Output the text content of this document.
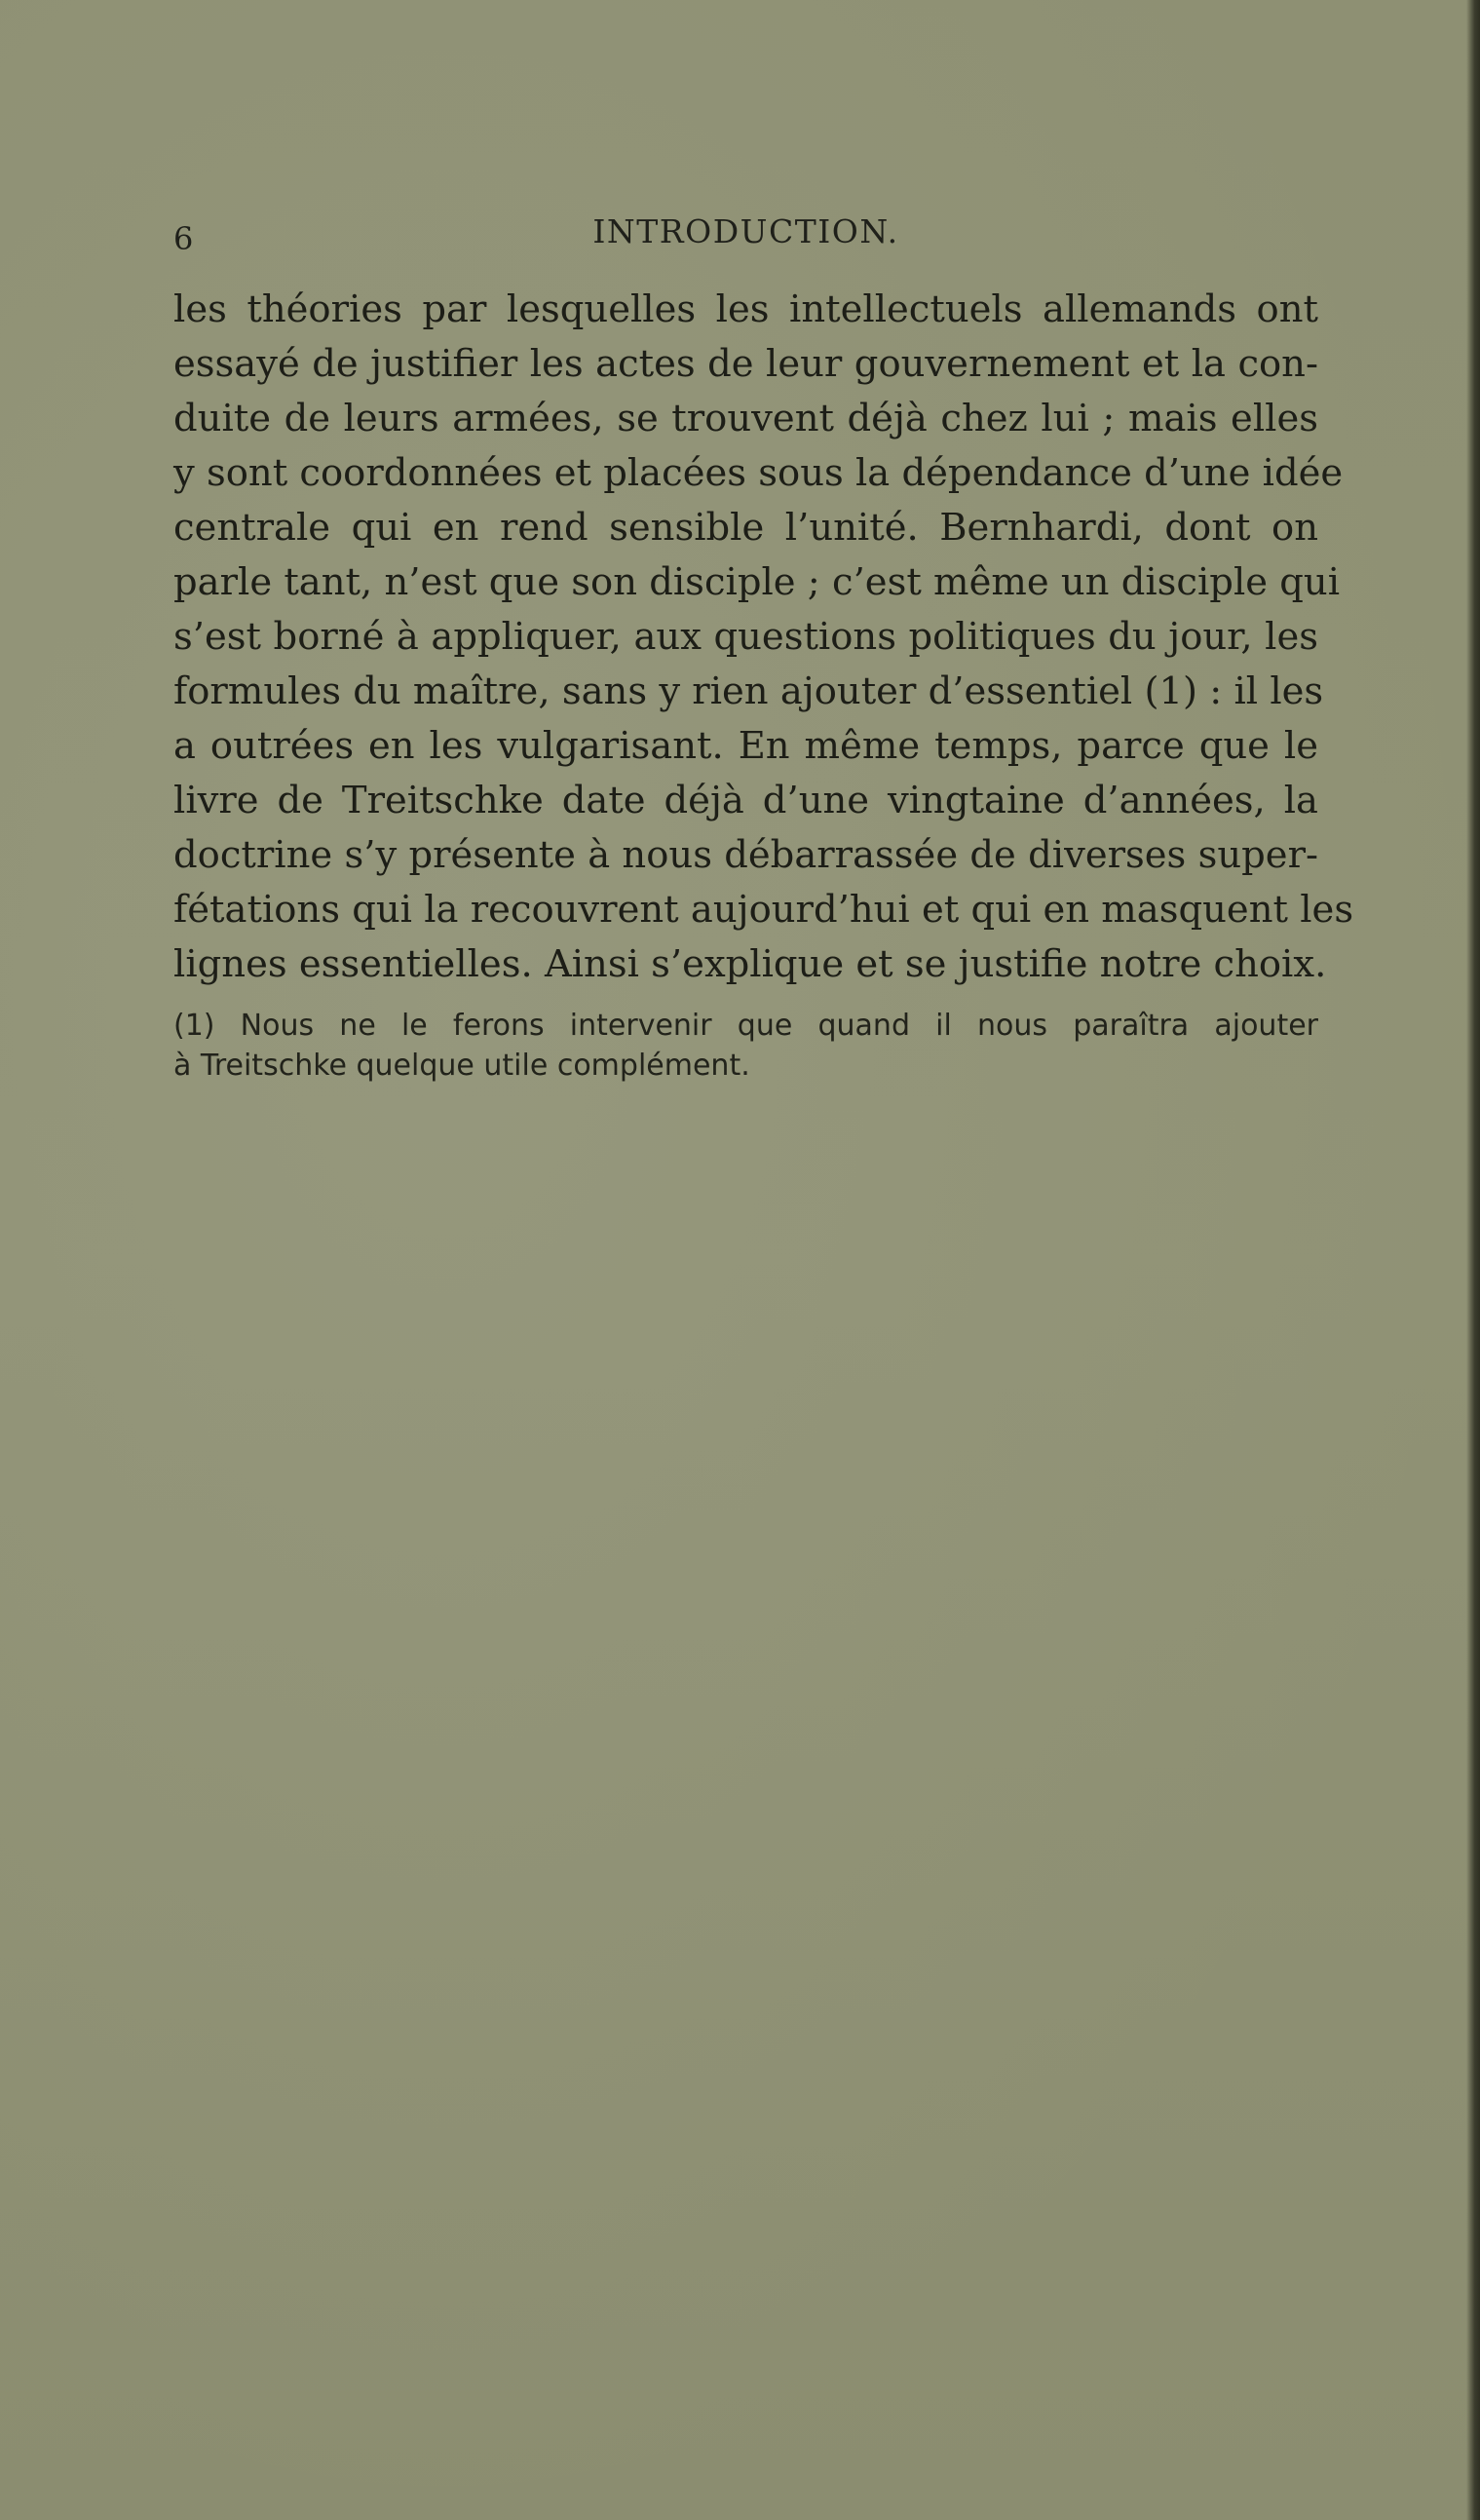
6	INTRODUCTION.
les théories par lesquelles les intellectuels allemands ont
essayé de justifier les actes de leur gouvernement et la con-
duite de leurs armées, se trouvent déjà chez lui ; mais elles
y sont coordonnées et placées sous la dépendance d’une idée
centrale qui en rend sensible l’unité. Bernhardi, dont on
parle tant, n’est que son disciple ; c’est même un disciple qui
s’est borné à appliquer, aux questions politiques du jour, les
formules du maître, sans y rien ajouter d’essentiel (1) : il les
a outrées en les vulgarisant. En même temps, parce que le
livre de Treitschke date déjà d’une vingtaine d’années, la
doctrine s’y présente à nous débarrassée de diverses super-
fétations qui la recouvrent aujourd’hui et qui en masquent les
lignes essentielles. Ainsi s’explique et se justifie notre choix.
(1) Nous ne le ferons intervenir que quand il nous paraîtra ajouter
à Treitschke quelque utile complément.
